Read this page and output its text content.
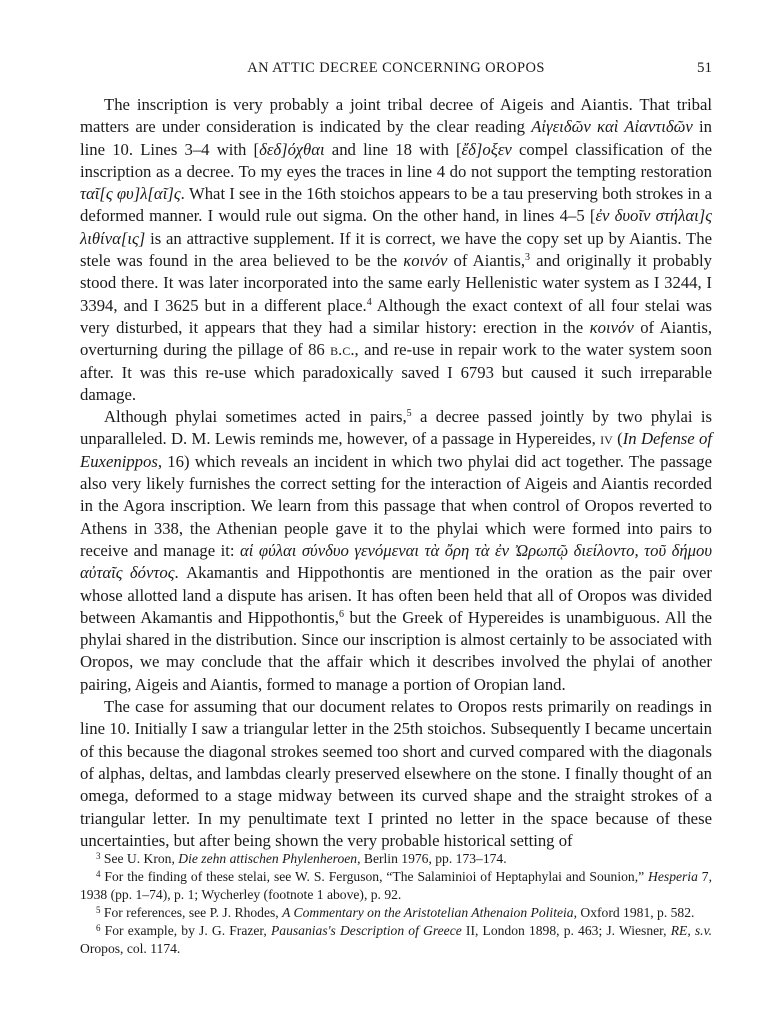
AN ATTIC DECREE CONCERNING OROPOS	51

The inscription is very probably a joint tribal decree of Aigeis and Aiantis. That tribal matters are under consideration is indicated by the clear reading Αἰγειδῶν καὶ Αἰαντιδῶν in line 10. Lines 3–4 with [δεδ]όχθαι and line 18 with [ἔδ]οξεν compel classification of the inscription as a decree. To my eyes the traces in line 4 do not support the tempting restoration ταῖ[ς φυ]λ[αῖ]ς. What I see in the 16th stoichos appears to be a tau preserving both strokes in a deformed manner. I would rule out sigma. On the other hand, in lines 4–5 [ἐν δυοῖν στήλαι]ς λιθίνα[ις] is an attractive supplement. If it is correct, we have the copy set up by Aiantis. The stele was found in the area believed to be the κοινόν of Aiantis,$^3$ and originally it probably stood there. It was later incorporated into the same early Hellenistic water system as I 3244, I 3394, and I 3625 but in a different place.$^4$ Although the exact context of all four stelai was very disturbed, it appears that they had a similar history: erection in the κοινόν of Aiantis, overturning during the pillage of 86 b.c., and re-use in repair work to the water system soon after. It was this re-use which paradoxically saved I 6793 but caused it such irreparable damage.

Although phylai sometimes acted in pairs,$^5$ a decree passed jointly by two phylai is unparalleled. D. M. Lewis reminds me, however, of a passage in Hypereides, iv (In Defense of Euxenippos, 16) which reveals an incident in which two phylai did act together. The passage also very likely furnishes the correct setting for the interaction of Aigeis and Aiantis recorded in the Agora inscription. We learn from this passage that when control of Oropos reverted to Athens in 338, the Athenian people gave it to the phylai which were formed into pairs to receive and manage it: αἱ φύλαι σύνδυο γενόμεναι τὰ ὄρη τὰ ἐν Ὠρωπῷ διείλοντο, τοῦ δήμου αὐταῖς δόντος. Akamantis and Hippothontis are mentioned in the oration as the pair over whose allotted land a dispute has arisen. It has often been held that all of Oropos was divided between Akamantis and Hippothontis,$^6$ but the Greek of Hypereides is unambiguous. All the phylai shared in the distribution. Since our inscription is almost certainly to be associated with Oropos, we may conclude that the affair which it describes involved the phylai of another pairing, Aigeis and Aiantis, formed to manage a portion of Oropian land.

The case for assuming that our document relates to Oropos rests primarily on readings in line 10. Initially I saw a triangular letter in the 25th stoichos. Subsequently I became uncertain of this because the diagonal strokes seemed too short and curved compared with the diagonals of alphas, deltas, and lambdas clearly preserved elsewhere on the stone. I finally thought of an omega, deformed to a stage midway between its curved shape and the straight strokes of a triangular letter. In my penultimate text I printed no letter in the space because of these uncertainties, but after being shown the very probable historical setting of

$^3$ See U. Kron, Die zehn attischen Phylenheroen, Berlin 1976, pp. 173–174.

$^4$ For the finding of these stelai, see W. S. Ferguson, “The Salaminioi of Heptaphylai and Sounion,” Hesperia 7, 1938 (pp. 1–74), p. 1; Wycherley (footnote 1 above), p. 92.

$^5$ For references, see P. J. Rhodes, A Commentary on the Aristotelian Athenaion Politeia, Oxford 1981, p. 582.

$^6$ For example, by J. G. Frazer, Pausanias's Description of Greece II, London 1898, p. 463; J. Wiesner, RE, s.v. Oropos, col. 1174.
